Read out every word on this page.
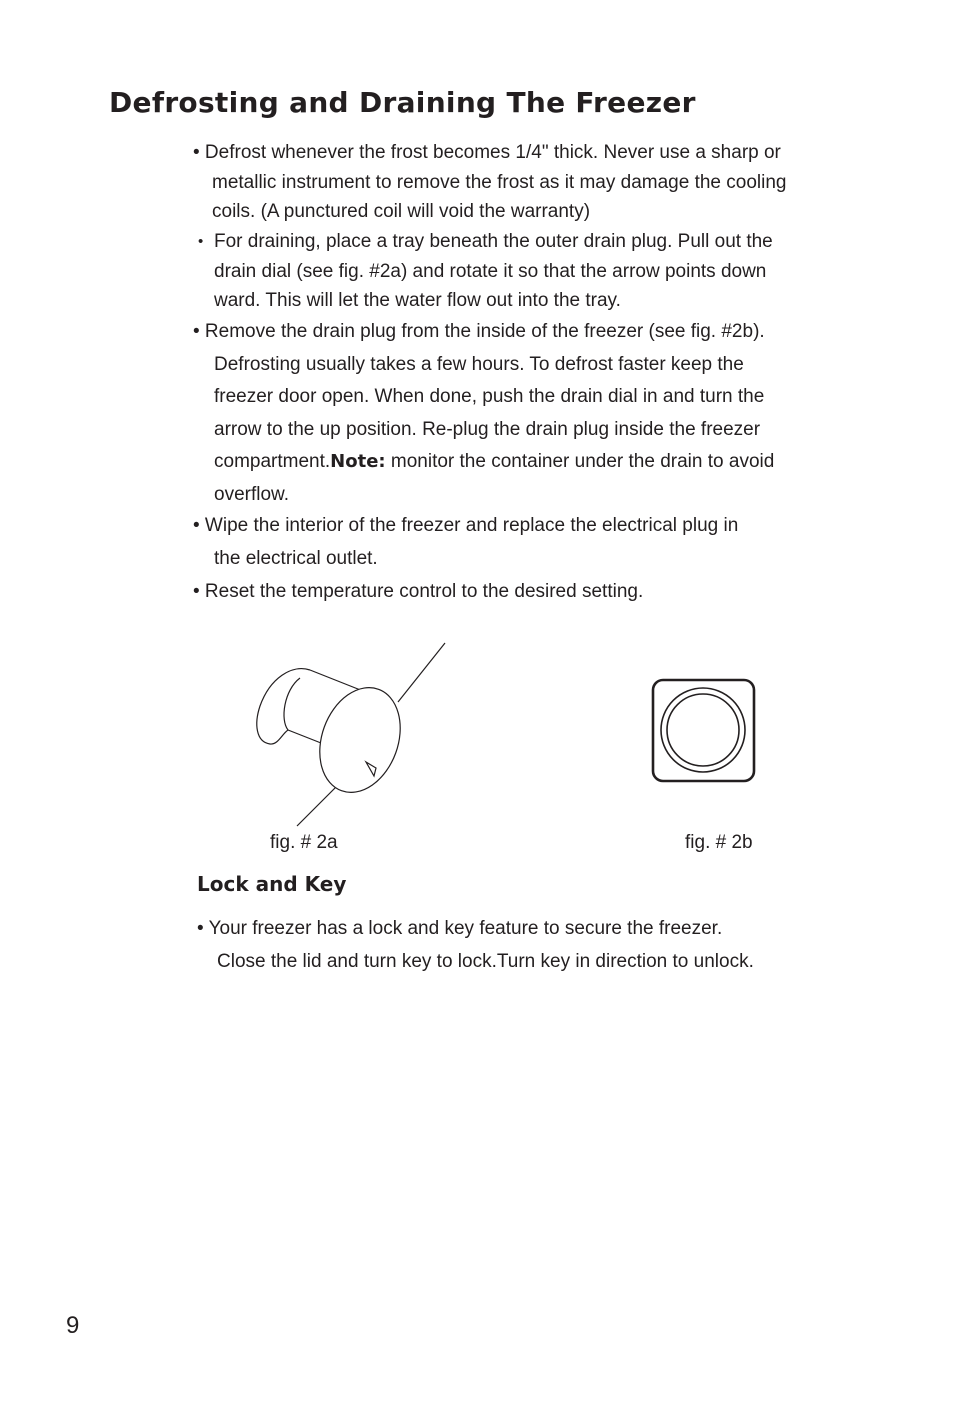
Defrosting and Draining The Freezer
• Defrost whenever the frost becomes 1/4" thick. Never use a sharp or
metallic instrument to remove the frost as it may damage the cooling
coils. (A punctured coil will void the warranty)
• For draining, place a tray beneath the outer drain plug. Pull out the
drain dial (see fig. #2a) and rotate it so that the arrow points down
ward. This will let the water flow out into the tray.
• Remove the drain plug from the inside of the freezer (see fig. #2b).
Defrosting usually takes a few hours. To defrost faster keep the
freezer door open. When done, push the drain dial in and turn the
arrow to the up position. Re-plug the drain plug inside the freezer
compartment.Note: monitor the container under the drain to avoid
overflow.
• Wipe the interior of the freezer and replace the electrical plug in
the electrical outlet.
• Reset the temperature control to the desired setting.
fig. # 2a	fig. # 2b
Lock and Key
• Your freezer has a lock and key feature to secure the freezer.
Close the lid and turn key to lock.Turn key in direction to unlock.
9
